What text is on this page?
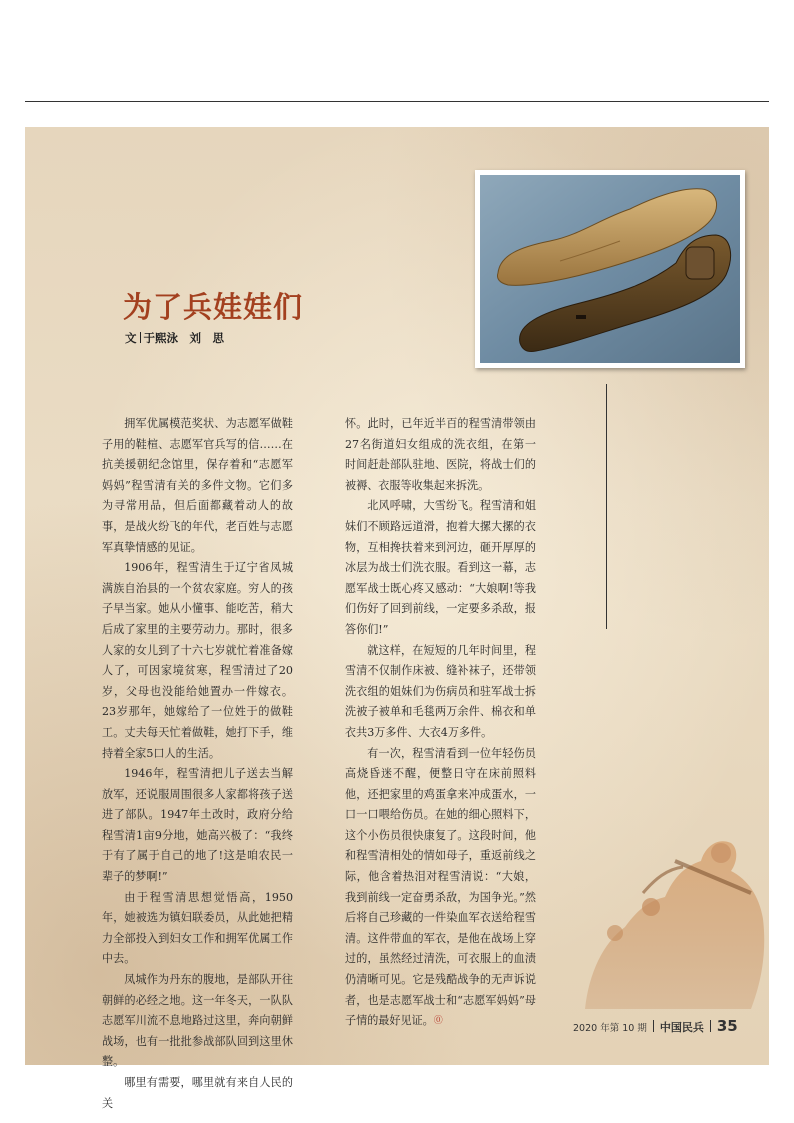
为了兵娃娃们
文 于熙泳　刘　思

拥军优属模范奖状、为志愿军做鞋子用的鞋楦、志愿军官兵写的信……在抗美援朝纪念馆里，保存着和“志愿军妈妈”程雪清有关的多件文物。它们多为寻常用品，但后面都藏着动人的故事，是战火纷飞的年代，老百姓与志愿军真挚情感的见证。

1906年，程雪清生于辽宁省凤城满族自治县的一个贫农家庭。穷人的孩子早当家。她从小懂事、能吃苦，稍大后成了家里的主要劳动力。那时，很多人家的女儿到了十六七岁就忙着准备嫁人了，可因家境贫寒，程雪清过了20岁，父母也没能给她置办一件嫁衣。23岁那年，她嫁给了一位姓于的做鞋工。丈夫每天忙着做鞋，她打下手，维持着全家5口人的生活。

1946年，程雪清把儿子送去当解放军，还说服周围很多人家都将孩子送进了部队。1947年土改时，政府分给程雪清1亩9分地，她高兴极了：“我终于有了属于自己的地了!这是咱农民一辈子的梦啊!”

由于程雪清思想觉悟高，1950年，她被选为镇妇联委员，从此她把精力全部投入到妇女工作和拥军优属工作中去。

凤城作为丹东的腹地，是部队开往朝鲜的必经之地。这一年冬天，一队队志愿军川流不息地路过这里，奔向朝鲜战场，也有一批批参战部队回到这里休整。

哪里有需要，哪里就有来自人民的关

怀。此时，已年近半百的程雪清带领由27名街道妇女组成的洗衣组，在第一时间赶赴部队驻地、医院，将战士们的被褥、衣服等收集起来拆洗。

北风呼啸，大雪纷飞。程雪清和姐妹们不顾路远道滑，抱着大摞大摞的衣物，互相搀扶着来到河边，砸开厚厚的冰层为战士们洗衣服。看到这一幕，志愿军战士既心疼又感动：“大娘啊!等我们伤好了回到前线，一定要多杀敌，报答你们!”

就这样，在短短的几年时间里，程雪清不仅制作床被、缝补袜子，还带领洗衣组的姐妹们为伤病员和驻军战士拆洗被子被单和毛毯两万余件、棉衣和单衣共3万多件、大衣4万多件。

有一次，程雪清看到一位年轻伤员高烧昏迷不醒，便整日守在床前照料他，还把家里的鸡蛋拿来冲成蛋水，一口一口喂给伤员。在她的细心照料下，这个小伤员很快康复了。这段时间，他和程雪清相处的情如母子，重返前线之际，他含着热泪对程雪清说：“大娘，我到前线一定奋勇杀敌，为国争光。”然后将自己珍藏的一件染血军衣送给程雪清。这件带血的军衣，是他在战场上穿过的，虽然经过清洗，可衣服上的血渍仍清晰可见。它是残酷战争的无声诉说者，也是志愿军战士和“志愿军妈妈”母子情的最好见证。⓪

2020 年第 10 期 中国民兵 35
